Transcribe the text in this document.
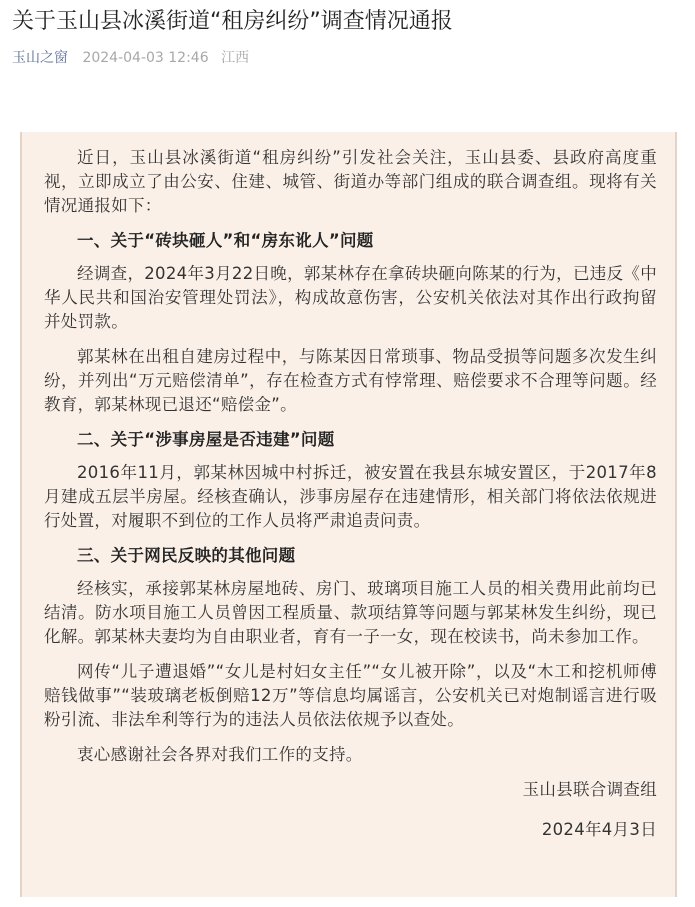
关于玉山县冰溪街道“租房纠纷”调查情况通报
玉山之窗 2024-04-03 12:46 江西

近日，玉山县冰溪街道“租房纠纷”引发社会关注，玉山县委、县政府高度重视，立即成立了由公安、住建、城管、街道办等部门组成的联合调查组。现将有关情况通报如下：

一、关于“砖块砸人”和“房东讹人”问题

经调查，2024年3月22日晚，郭某林存在拿砖块砸向陈某的行为，已违反《中华人民共和国治安管理处罚法》，构成故意伤害，公安机关依法对其作出行政拘留并处罚款。

郭某林在出租自建房过程中，与陈某因日常琐事、物品受损等问题多次发生纠纷，并列出“万元赔偿清单”，存在检查方式有悖常理、赔偿要求不合理等问题。经教育，郭某林现已退还“赔偿金”。

二、关于“涉事房屋是否违建”问题

2016年11月，郭某林因城中村拆迁，被安置在我县东城安置区，于2017年8月建成五层半房屋。经核查确认，涉事房屋存在违建情形，相关部门将依法依规进行处置，对履职不到位的工作人员将严肃追责问责。

三、关于网民反映的其他问题

经核实，承接郭某林房屋地砖、房门、玻璃项目施工人员的相关费用此前均已结清。防水项目施工人员曾因工程质量、款项结算等问题与郭某林发生纠纷，现已化解。郭某林夫妻均为自由职业者，育有一子一女，现在校读书，尚未参加工作。

网传“儿子遭退婚”“女儿是村妇女主任”“女儿被开除”，以及“木工和挖机师傅赔钱做事”“装玻璃老板倒赔12万”等信息均属谣言，公安机关已对炮制谣言进行吸粉引流、非法牟利等行为的违法人员依法依规予以查处。

衷心感谢社会各界对我们工作的支持。

玉山县联合调查组

2024年4月3日
